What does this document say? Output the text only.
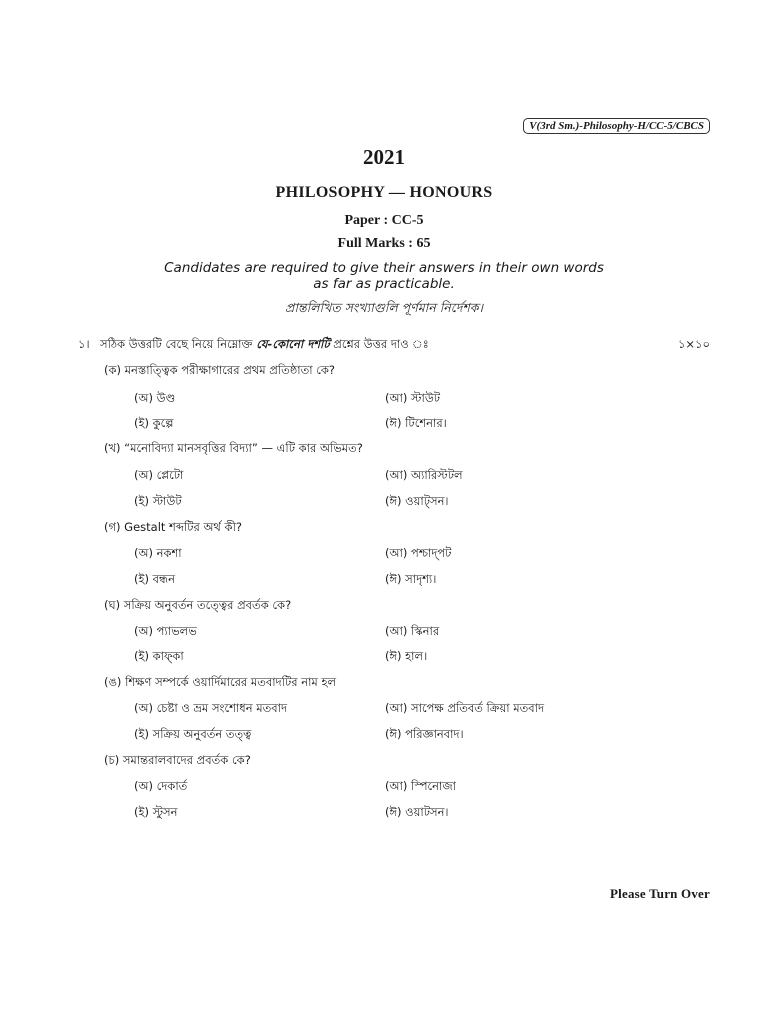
V(3rd Sm.)-Philosophy-H/CC-5/CBCS
2021
PHILOSOPHY — HONOURS
Paper : CC-5
Full Marks : 65
Candidates are required to give their answers in their own words
as far as practicable.
প্রান্তলিখিত সংখ্যাগুলি পূর্ণমান নির্দেশক।
১। সঠিক উত্তরটি বেছে নিয়ে নিম্নোক্ত যে-কোনো দশটি প্রশ্নের উত্তর দাও ঃ	১×১০
(ক) মনস্তাত্ত্বিক পরীক্ষাগারের প্রথম প্রতিষ্ঠাতা কে?
(অ) উণ্ড	(আ) স্টাউট
(ই) কুল্পে	(ঈ) টিশেনার।
(খ) “মনোবিদ্যা মানসবৃত্তির বিদ্যা” — এটি কার অভিমত?
(অ) প্লেটো	(আ) অ্যারিস্টটল
(ই) স্টাউট	(ঈ) ওয়াট্‌সন।
(গ) Gestalt শব্দটির অর্থ কী?
(অ) নকশা	(আ) পশ্চাদ্‌পট
(ই) বন্ধন	(ঈ) সাদৃশ্য।
(ঘ) সক্রিয় অনুবর্তন তত্ত্বের প্রবর্তক কে?
(অ) প্যাভলভ	(আ) স্কিনার
(ই) কাফ্‌কা	(ঈ) হাল।
(ঙ) শিক্ষণ সম্পর্কে ওয়ার্দিমারের মতবাদটির নাম হল
(অ) চেষ্টা ও ভ্রম সংশোধন মতবাদ	(আ) সাপেক্ষ প্রতিবর্ত ক্রিয়া মতবাদ
(ই) সক্রিয় অনুবর্তন তত্ত্ব	(ঈ) পরিজ্ঞানবাদ।
(চ) সমান্তরালবাদের প্রবর্তক কে?
(অ) দেকার্ত	(আ) স্পিনোজা
(ই) স্টুসন	(ঈ) ওয়াটসন।
Please Turn Over
